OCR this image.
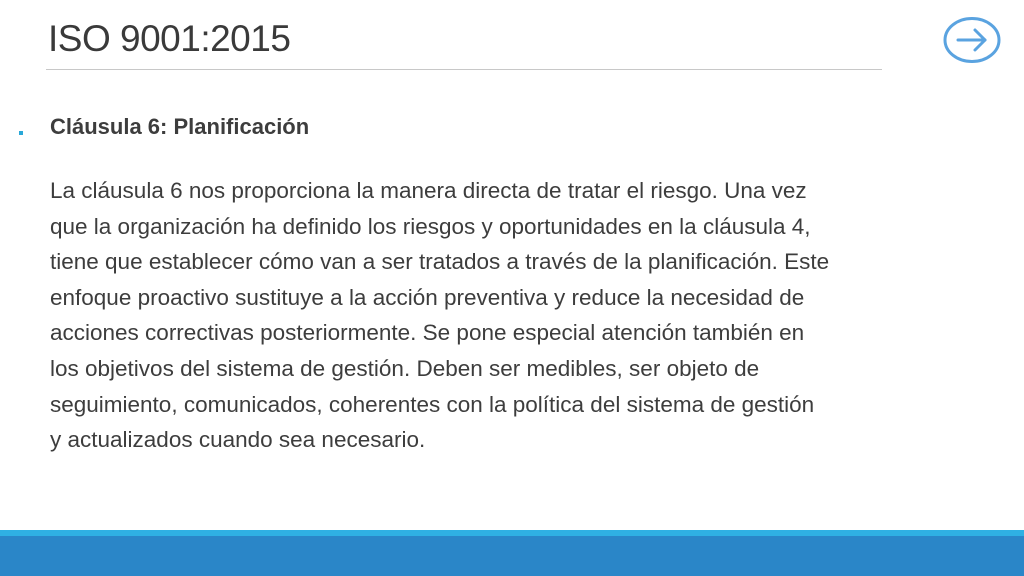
ISO 9001:2015
Cláusula 6: Planificación
La cláusula 6 nos proporciona la manera directa de tratar el riesgo. Una vez
que la organización ha definido los riesgos y oportunidades en la cláusula 4,
tiene que establecer cómo van a ser tratados a través de la planificación. Este
enfoque proactivo sustituye a la acción preventiva y reduce la necesidad de
acciones correctivas posteriormente. Se pone especial atención también en
los objetivos del sistema de gestión. Deben ser medibles, ser objeto de
seguimiento, comunicados, coherentes con la política del sistema de gestión
y actualizados cuando sea necesario.
